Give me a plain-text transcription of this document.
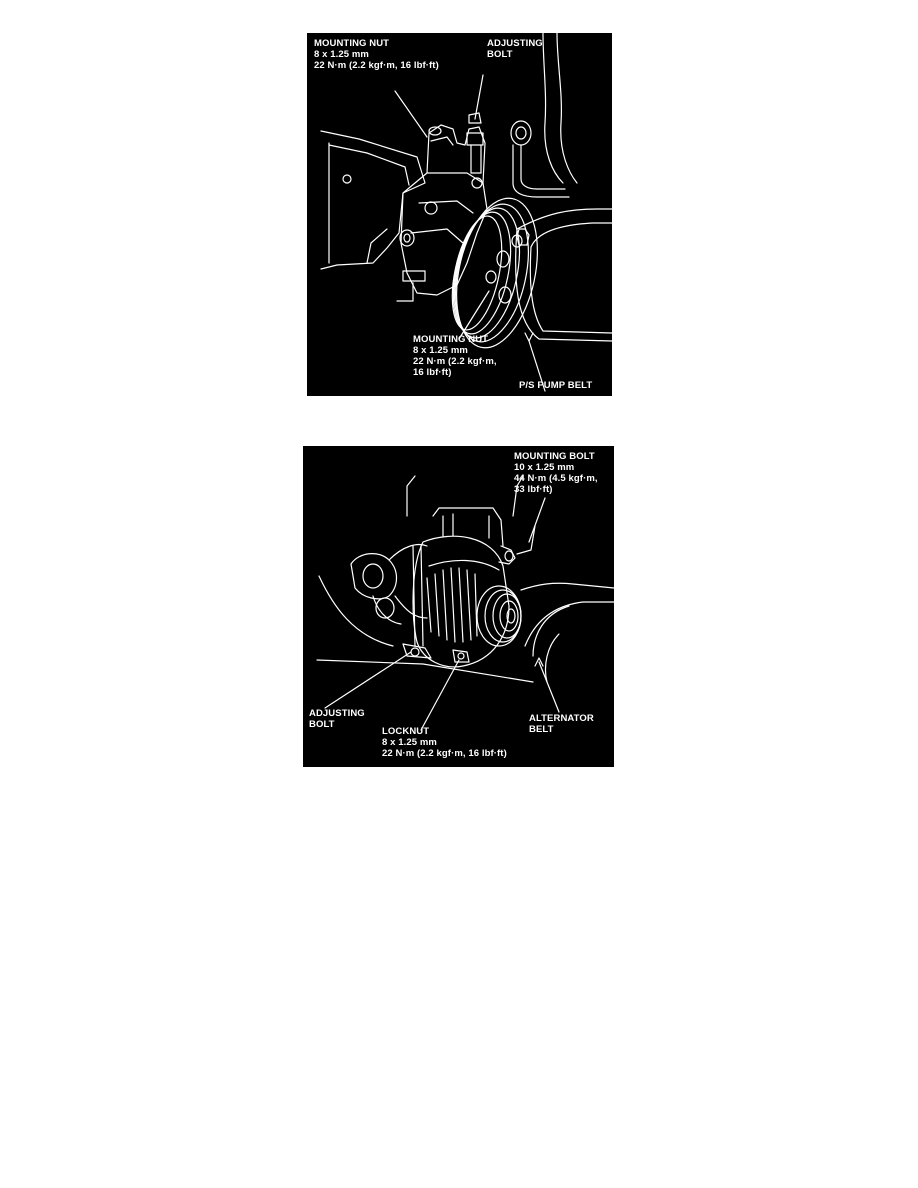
MOUNTING NUT
8 x 1.25 mm
22 N·m (2.2 kgf·m, 16 lbf·ft)
ADJUSTING
BOLT
MOUNTING NUT
8 x 1.25 mm
22 N·m (2.2 kgf·m,
16 lbf·ft)
P/S PUMP BELT
MOUNTING BOLT
10 x 1.25 mm
44 N·m (4.5 kgf·m,
33 lbf·ft)
ADJUSTING
BOLT
LOCKNUT
8 x 1.25 mm
22 N·m (2.2 kgf·m, 16 lbf·ft)
ALTERNATOR
BELT
